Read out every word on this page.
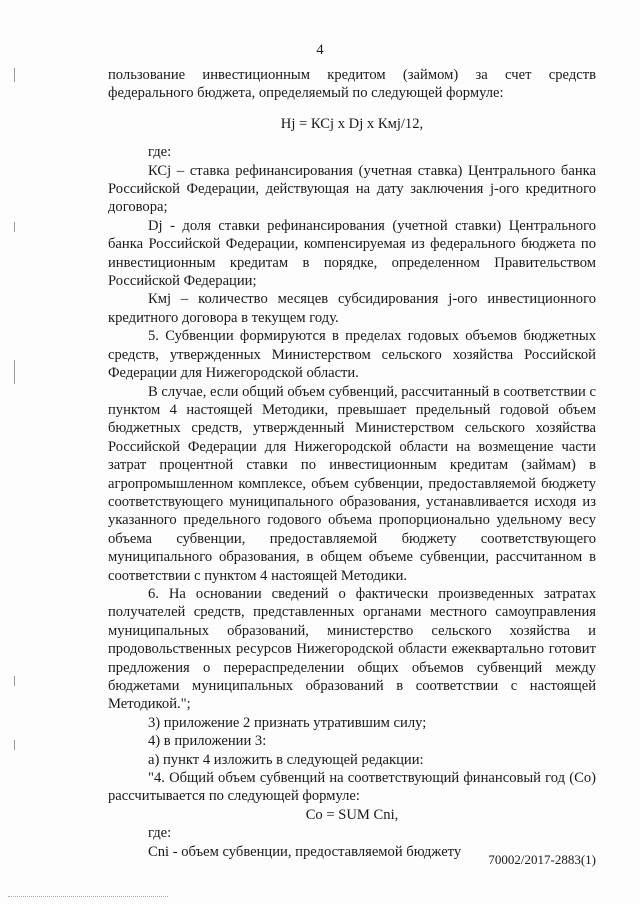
4

пользование инвестиционным кредитом (займом) за счет средств федерального бюджета, определяемый по следующей формуле:

Hj = КСj x Dj x Кмj/12,

где:

КСj – ставка рефинансирования (учетная ставка) Центрального банка Российской Федерации, действующая на дату заключения j-ого кредитного договора;

Dj - доля ставки рефинансирования (учетной ставки) Центрального банка Российской Федерации, компенсируемая из федерального бюджета по инвестиционным кредитам в порядке, определенном Правительством Российской Федерации;

Кмj – количество месяцев субсидирования j-ого инвестиционного кредитного договора в текущем году.

5. Субвенции формируются в пределах годовых объемов бюджетных средств, утвержденных Министерством сельского хозяйства Российской Федерации для Нижегородской области.

В случае, если общий объем субвенций, рассчитанный в соответствии с пунктом 4 настоящей Методики, превышает предельный годовой объем бюджетных средств, утвержденный Министерством сельского хозяйства Российской Федерации для Нижегородской области на возмещение части затрат процентной ставки по инвестиционным кредитам (займам) в агропромышленном комплексе, объем субвенции, предоставляемой бюджету соответствующего муниципального образования, устанавливается исходя из указанного предельного годового объема пропорционально удельному весу объема субвенции, предоставляемой бюджету соответствующего муниципального образования, в общем объеме субвенции, рассчитанном в соответствии с пунктом 4 настоящей Методики.

6. На основании сведений о фактически произведенных затратах получателей средств, представленных органами местного самоуправления муниципальных образований, министерство сельского хозяйства и продовольственных ресурсов Нижегородской области ежеквартально готовит предложения о перераспределении общих объемов субвенций между бюджетами муниципальных образований в соответствии с настоящей Методикой.";

3) приложение 2 признать утратившим силу;

4) в приложении 3:

а) пункт 4 изложить в следующей редакции:

"4. Общий объем субвенций на соответствующий финансовый год (Со) рассчитывается по следующей формуле:

Со = SUM Сni,

где:

Сni - объем субвенции, предоставляемой бюджету	70002/2017-2883(1)
